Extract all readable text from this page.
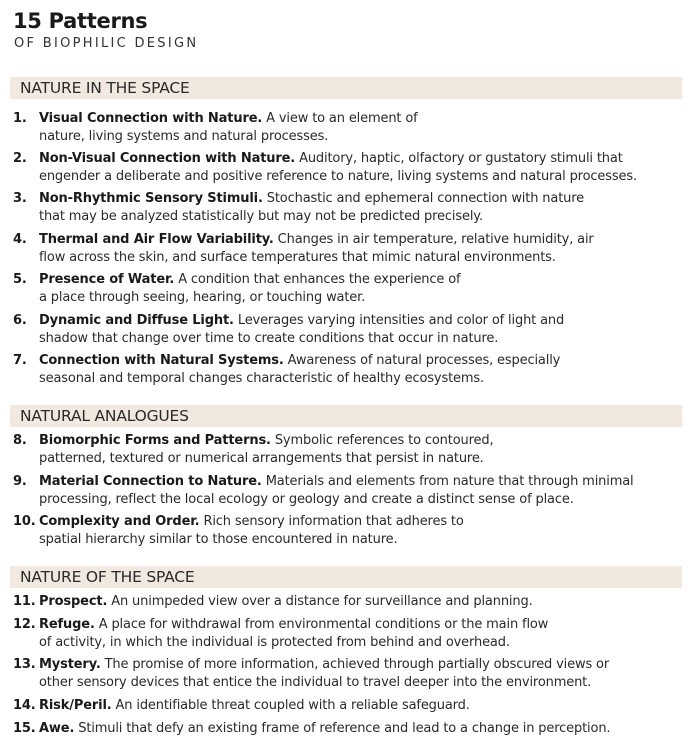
15 Patterns
OF BIOPHILIC DESIGN
NATURE IN THE SPACE
1. Visual Connection with Nature. A view to an element of
nature, living systems and natural processes.
2. Non-Visual Connection with Nature. Auditory, haptic, olfactory or gustatory stimuli that
engender a deliberate and positive reference to nature, living systems and natural processes.
3. Non-Rhythmic Sensory Stimuli. Stochastic and ephemeral connection with nature
that may be analyzed statistically but may not be predicted precisely.
4. Thermal and Air Flow Variability. Changes in air temperature, relative humidity, air
flow across the skin, and surface temperatures that mimic natural environments.
5. Presence of Water. A condition that enhances the experience of
a place through seeing, hearing, or touching water.
6. Dynamic and Diffuse Light. Leverages varying intensities and color of light and
shadow that change over time to create conditions that occur in nature.
7. Connection with Natural Systems. Awareness of natural processes, especially
seasonal and temporal changes characteristic of healthy ecosystems.
NATURAL ANALOGUES
8. Biomorphic Forms and Patterns. Symbolic references to contoured,
patterned, textured or numerical arrangements that persist in nature.
9. Material Connection to Nature. Materials and elements from nature that through minimal
processing, reflect the local ecology or geology and create a distinct sense of place.
10. Complexity and Order. Rich sensory information that adheres to
spatial hierarchy similar to those encountered in nature.
NATURE OF THE SPACE
11. Prospect. An unimpeded view over a distance for surveillance and planning.
12. Refuge. A place for withdrawal from environmental conditions or the main flow
of activity, in which the individual is protected from behind and overhead.
13. Mystery. The promise of more information, achieved through partially obscured views or
other sensory devices that entice the individual to travel deeper into the environment.
14. Risk/Peril. An identifiable threat coupled with a reliable safeguard.
15. Awe. Stimuli that defy an existing frame of reference and lead to a change in perception.
